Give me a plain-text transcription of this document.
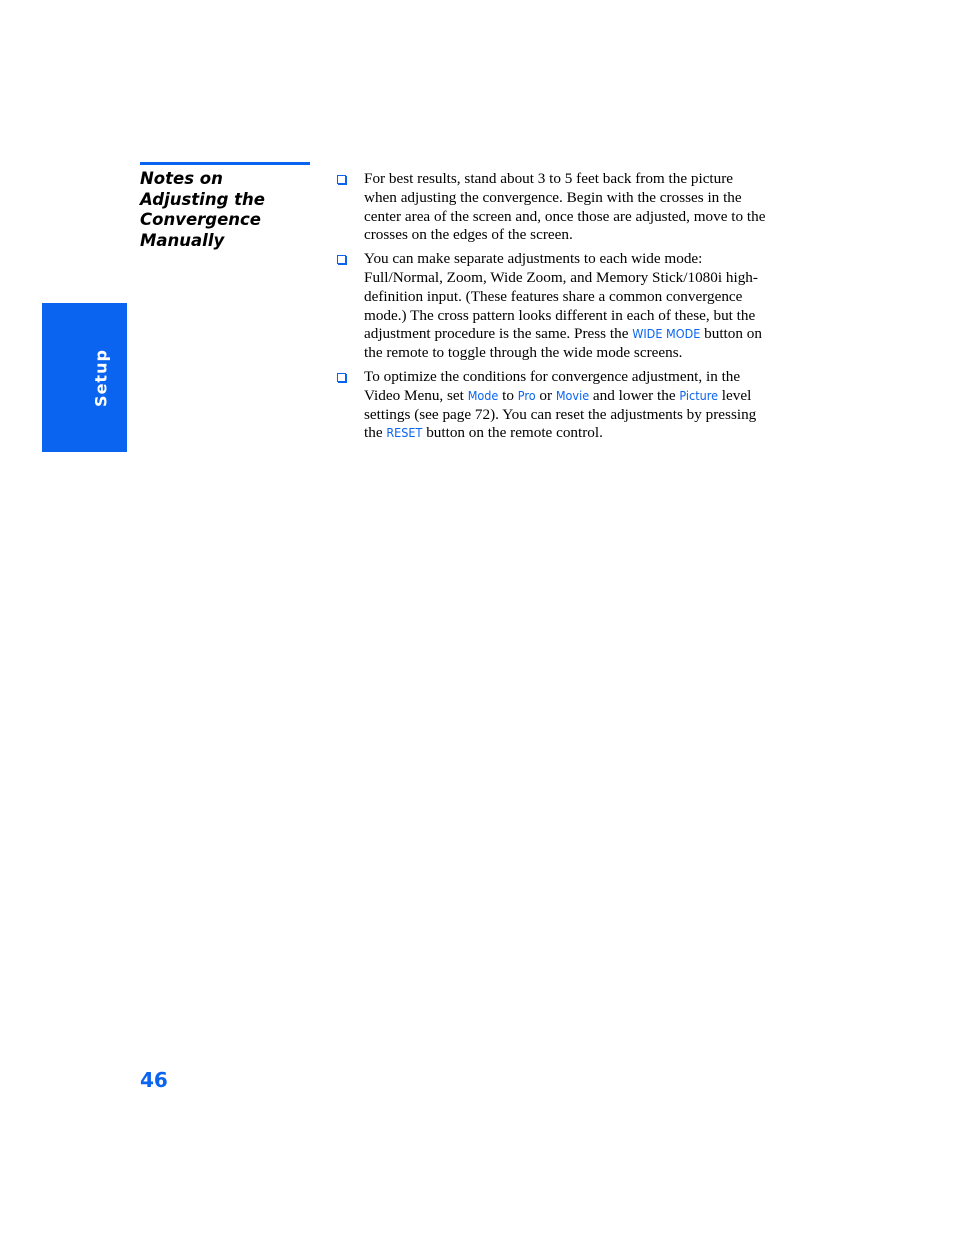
Setup
Notes on
Adjusting the
Convergence
Manually
For best results, stand about 3 to 5 feet back from the picture
when adjusting the convergence. Begin with the crosses in the
center area of the screen and, once those are adjusted, move to the
crosses on the edges of the screen.
You can make separate adjustments to each wide mode:
Full/Normal, Zoom, Wide Zoom, and Memory Stick/1080i high-
definition input. (These features share a common convergence
mode.) The cross pattern looks different in each of these, but the
adjustment procedure is the same. Press the WIDE MODE button on
the remote to toggle through the wide mode screens.
To optimize the conditions for convergence adjustment, in the
Video Menu, set Mode to Pro or Movie and lower the Picture level
settings (see page 72). You can reset the adjustments by pressing
the RESET button on the remote control.
46
